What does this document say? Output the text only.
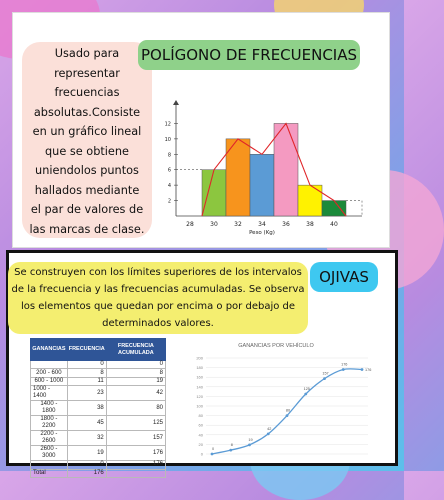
Usado para representar frecuencias absolutas.Consiste en un gráfico lineal que se obtiene uniendolos puntos hallados mediante el par de valores de las marcas de clase.
POLÍGONO DE FRECUENCIAS
2
4
6
8
10
12
28	30	32	34	36	38	40
Peso (Kg)
Se construyen con los límites superiores de los intervalos de la frecuencia y las frecuencias acumuladas. Se observa los elementos que quedan por encima o por debajo de determinados valores.
OJIVAS
GANANCIAS	FRECUENCIA	FRECUENCIA ACUMULADA
	0	0
200 - 600	8	8
600 - 1000	11	19
1000 - 1400	23	42
1400 - 1800	38	80
1800 - 2200	45	125
2200 - 2600	32	157
2600 - 3000	19	176
	0	176
Total	176	
GANANCIAS POR VEHÍCULO
0
20
40
60
80
100
120
140
160
180
200
0
8
19
42
80
125
157
176
176
